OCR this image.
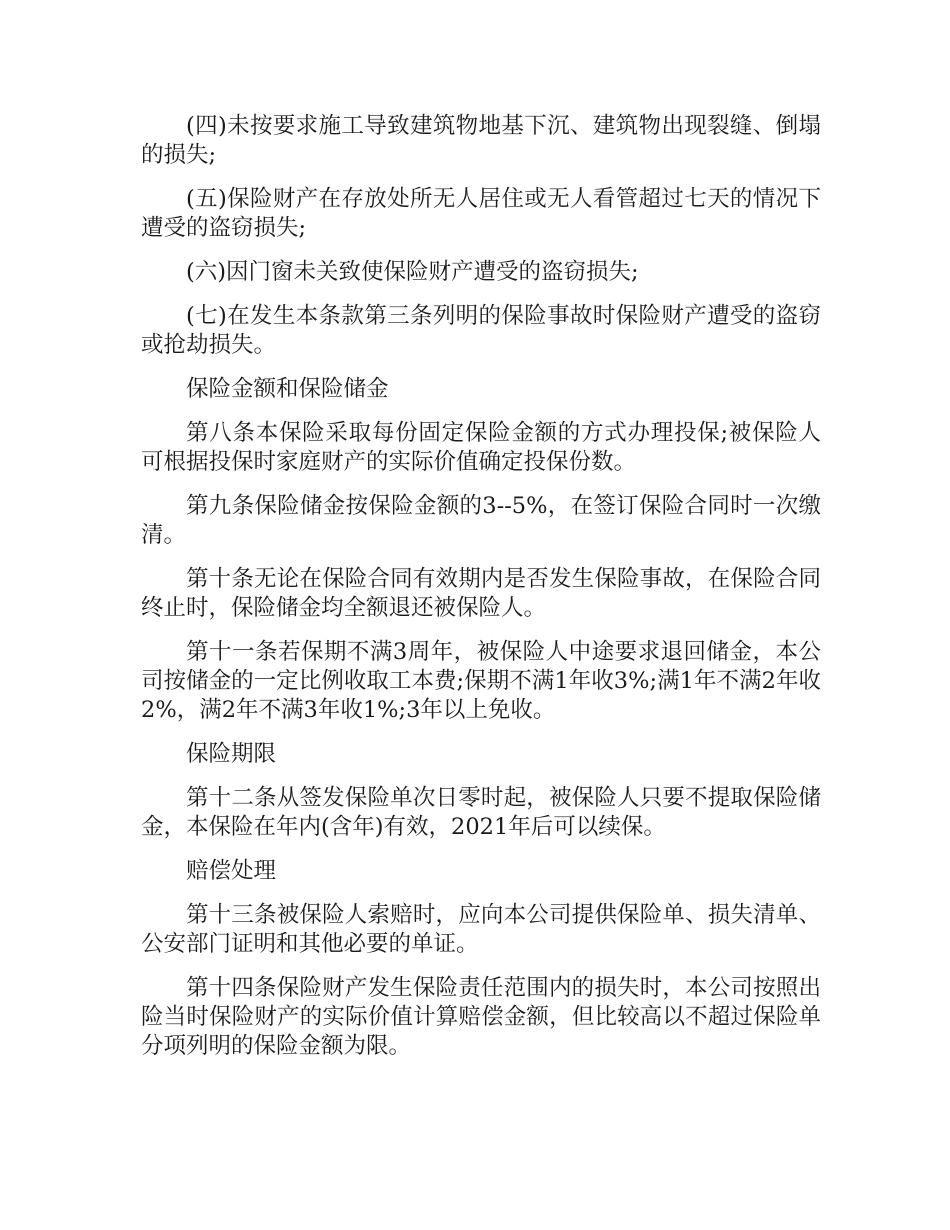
(四)未按要求施工导致建筑物地基下沉、建筑物出现裂缝、倒塌的损失;

(五)保险财产在存放处所无人居住或无人看管超过七天的情况下遭受的盗窃损失;

(六)因门窗未关致使保险财产遭受的盗窃损失;

(七)在发生本条款第三条列明的保险事故时保险财产遭受的盗窃或抢劫损失。

保险金额和保险储金

第八条本保险采取每份固定保险金额的方式办理投保;被保险人可根据投保时家庭财产的实际价值确定投保份数。

第九条保险储金按保险金额的3--5%，在签订保险合同时一次缴清。

第十条无论在保险合同有效期内是否发生保险事故，在保险合同终止时，保险储金均全额退还被保险人。

第十一条若保期不满3周年，被保险人中途要求退回储金，本公司按储金的一定比例收取工本费;保期不满1年收3%;满1年不满2年收2%，满2年不满3年收1%;3年以上免收。

保险期限

第十二条从签发保险单次日零时起，被保险人只要不提取保险储金，本保险在年内(含年)有效，2021年后可以续保。

赔偿处理

第十三条被保险人索赔时，应向本公司提供保险单、损失清单、公安部门证明和其他必要的单证。

第十四条保险财产发生保险责任范围内的损失时，本公司按照出险当时保险财产的实际价值计算赔偿金额，但比较高以不超过保险单分项列明的保险金额为限。
